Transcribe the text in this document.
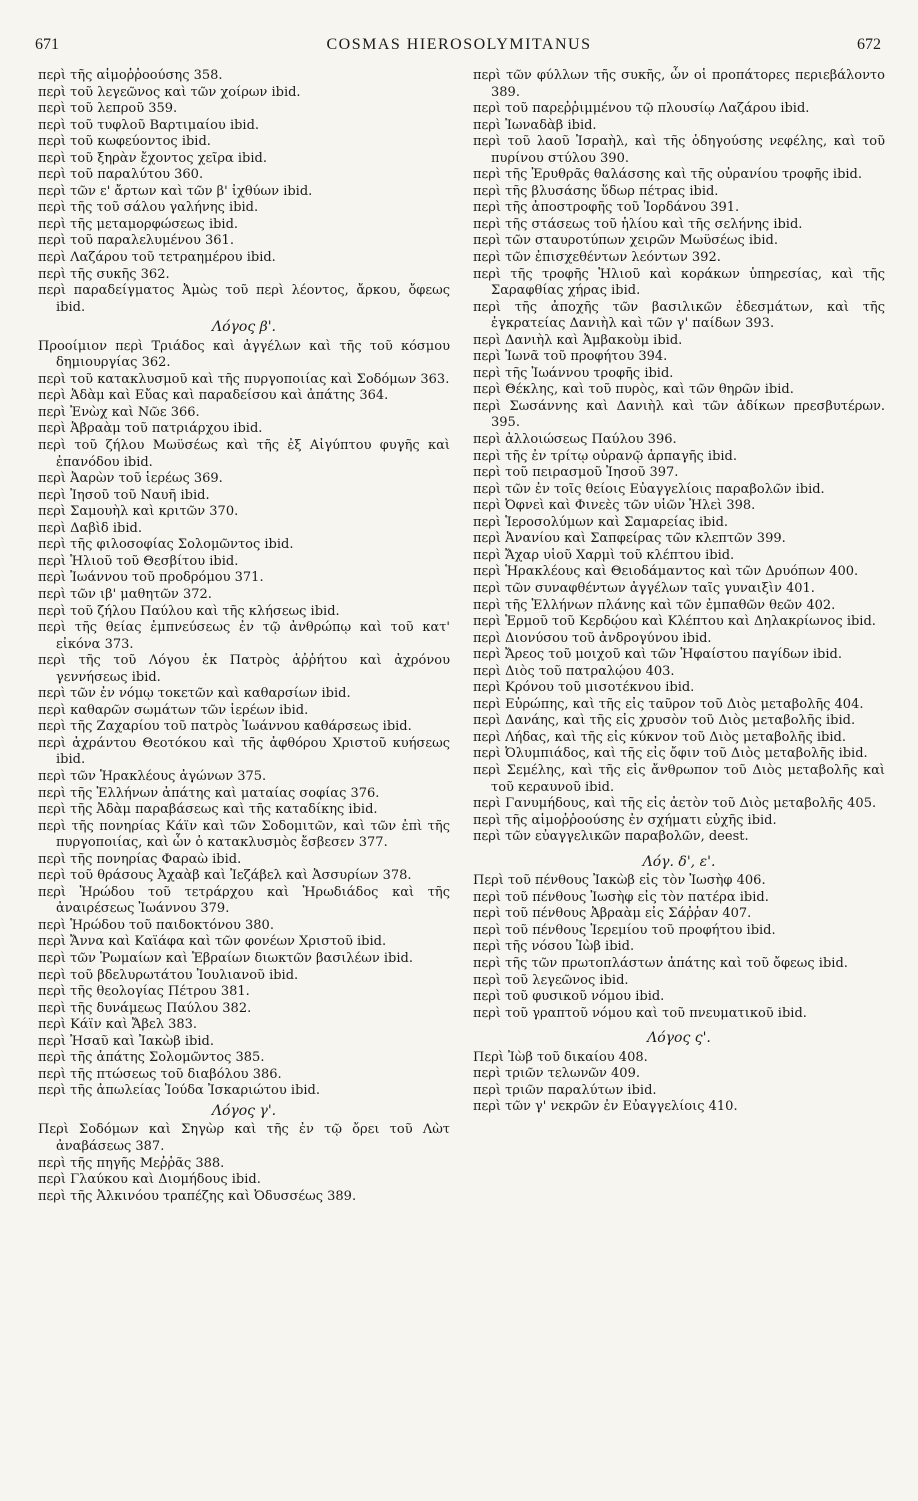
671	COSMAS HIEROSOLYMITANUS	672
περὶ τῆς αἱμοῤῥοούσης 358.
περὶ τοῦ λεγεῶνος καὶ τῶν χοίρων ibid.
περὶ τοῦ λεπροῦ 359.
περὶ τοῦ τυφλοῦ Βαρτιμαίου ibid.
περὶ τοῦ κωφεύοντος ibid.
περὶ τοῦ ξηρὰν ἔχοντος χεῖρα ibid.
περὶ τοῦ παραλύτου 360.
περὶ τῶν ε' ἄρτων καὶ τῶν β' ἰχθύων ibid.
περὶ τῆς τοῦ σάλου γαλήνης ibid.
περὶ τῆς μεταμορφώσεως ibid.
περὶ τοῦ παραλελυμένου 361.
περὶ Λαζάρου τοῦ τετραημέρου ibid.
περὶ τῆς συκῆς 362.
περὶ παραδείγματος Ἀμὼς τοῦ περὶ λέοντος, ἄρκου, ὄφεως ibid.
Λόγος β'.
Προοίμιον περὶ Τριάδος καὶ ἀγγέλων καὶ τῆς τοῦ κόσμου δημιουργίας 362.
περὶ τοῦ κατακλυσμοῦ καὶ τῆς πυργοποιίας καὶ Σοδόμων 363.
περὶ Ἀδὰμ καὶ Εὔας καὶ παραδείσου καὶ ἀπάτης 364.
περὶ Ἐνὼχ καὶ Νῶε 366.
περὶ Ἀβραὰμ τοῦ πατριάρχου ibid.
περὶ τοῦ ζήλου Μωϋσέως καὶ τῆς ἐξ Αἰγύπτου φυγῆς καὶ ἐπανόδου ibid.
περὶ Ἀαρὼν τοῦ ἱερέως 369.
περὶ Ἰησοῦ τοῦ Ναυῆ ibid.
περὶ Σαμουὴλ καὶ κριτῶν 370.
περὶ Δαβὶδ ibid.
περὶ τῆς φιλοσοφίας Σολομῶντος ibid.
περὶ Ἡλιοῦ τοῦ Θεσβίτου ibid.
περὶ Ἰωάννου τοῦ προδρόμου 371.
περὶ τῶν ιβ' μαθητῶν 372.
περὶ τοῦ ζήλου Παύλου καὶ τῆς κλήσεως ibid.
περὶ τῆς θείας ἐμπνεύσεως ἐν τῷ ἀνθρώπῳ καὶ τοῦ κατ' εἰκόνα 373.
περὶ τῆς τοῦ Λόγου ἐκ Πατρὸς ἀῤῥήτου καὶ ἀχρόνου γεννήσεως ibid.
περὶ τῶν ἐν νόμῳ τοκετῶν καὶ καθαρσίων ibid.
περὶ καθαρῶν σωμάτων τῶν ἱερέων ibid.
περὶ τῆς Ζαχαρίου τοῦ πατρὸς Ἰωάννου καθάρσεως ibid.
περὶ ἀχράντου Θεοτόκου καὶ τῆς ἀφθόρου Χριστοῦ κυήσεως ibid.
περὶ τῶν Ἡρακλέους ἀγώνων 375.
περὶ τῆς Ἑλλήνων ἀπάτης καὶ ματαίας σοφίας 376.
περὶ τῆς Ἀδὰμ παραβάσεως καὶ τῆς καταδίκης ibid.
περὶ τῆς πονηρίας Κάϊν καὶ τῶν Σοδομιτῶν, καὶ τῶν ἐπὶ τῆς πυργοποιίας, καὶ ὧν ὁ κατακλυσμὸς ἔσβεσεν 377.
περὶ τῆς πονηρίας Φαραὼ ibid.
περὶ τοῦ θράσους Ἀχαὰβ καὶ Ἰεζάβελ καὶ Ἀσσυρίων 378.
περὶ Ἡρώδου τοῦ τετράρχου καὶ Ἡρωδιάδος καὶ τῆς ἀναιρέσεως Ἰωάννου 379.
περὶ Ἡρώδου τοῦ παιδοκτόνου 380.
περὶ Ἄννα καὶ Καϊάφα καὶ τῶν φονέων Χριστοῦ ibid.
περὶ τῶν Ῥωμαίων καὶ Ἑβραίων διωκτῶν βασιλέων ibid.
περὶ τοῦ βδελυρωτάτου Ἰουλιανοῦ ibid.
περὶ τῆς θεολογίας Πέτρου 381.
περὶ τῆς δυνάμεως Παύλου 382.
περὶ Κάϊν καὶ Ἄβελ 383.
περὶ Ἠσαῦ καὶ Ἰακὼβ ibid.
περὶ τῆς ἀπάτης Σολομῶντος 385.
περὶ τῆς πτώσεως τοῦ διαβόλου 386.
περὶ τῆς ἀπωλείας Ἰούδα Ἰσκαριώτου ibid.
Λόγος γ'.
Περὶ Σοδόμων καὶ Σηγὼρ καὶ τῆς ἐν τῷ ὄρει τοῦ Λὼτ ἀναβάσεως 387.
περὶ τῆς πηγῆς Μεῤῥᾶς 388.
περὶ Γλαύκου καὶ Διομήδους ibid.
περὶ τῆς Ἀλκινόου τραπέζης καὶ Ὀδυσσέως 389.
περὶ τῶν φύλλων τῆς συκῆς, ὧν οἱ προπάτορες περιεβάλοντο 389.
περὶ τοῦ παρεῤῥιμμένου τῷ πλουσίῳ Λαζάρου ibid.
περὶ Ἰωναδὰβ ibid.
περὶ τοῦ λαοῦ Ἰσραὴλ, καὶ τῆς ὁδηγούσης νεφέλης, καὶ τοῦ πυρίνου στύλου 390.
περὶ τῆς Ἐρυθρᾶς θαλάσσης καὶ τῆς οὐρανίου τροφῆς ibid.
περὶ τῆς βλυσάσης ὕδωρ πέτρας ibid.
περὶ τῆς ἀποστροφῆς τοῦ Ἰορδάνου 391.
περὶ τῆς στάσεως τοῦ ἡλίου καὶ τῆς σελήνης ibid.
περὶ τῶν σταυροτύπων χειρῶν Μωϋσέως ibid.
περὶ τῶν ἐπισχεθέντων λεόντων 392.
περὶ τῆς τροφῆς Ἡλιοῦ καὶ κοράκων ὑπηρεσίας, καὶ τῆς Σαραφθίας χήρας ibid.
περὶ τῆς ἀποχῆς τῶν βασιλικῶν ἐδεσμάτων, καὶ τῆς ἐγκρατείας Δανιὴλ καὶ τῶν γ' παίδων 393.
περὶ Δανιὴλ καὶ Ἀμβακοὺμ ibid.
περὶ Ἰωνᾶ τοῦ προφήτου 394.
περὶ τῆς Ἰωάννου τροφῆς ibid.
περὶ Θέκλης, καὶ τοῦ πυρὸς, καὶ τῶν θηρῶν ibid.
περὶ Σωσάννης καὶ Δανιὴλ καὶ τῶν ἀδίκων πρεσβυτέρων. 395.
περὶ ἀλλοιώσεως Παύλου 396.
περὶ τῆς ἐν τρίτῳ οὐρανῷ ἁρπαγῆς ibid.
περὶ τοῦ πειρασμοῦ Ἰησοῦ 397.
περὶ τῶν ἐν τοῖς θείοις Εὐαγγελίοις παραβολῶν ibid.
περὶ Ὀφνεὶ καὶ Φινεὲς τῶν υἱῶν Ἠλεὶ 398.
περὶ Ἱεροσολύμων καὶ Σαμαρείας ibid.
περὶ Ἀνανίου καὶ Σαπφείρας τῶν κλεπτῶν 399.
περὶ Ἄχαρ υἱοῦ Χαρμὶ τοῦ κλέπτου ibid.
περὶ Ἡρακλέους καὶ Θειοδάμαντος καὶ τῶν Δρυόπων 400.
περὶ τῶν συναφθέντων ἀγγέλων ταῖς γυναιξὶν 401.
περὶ τῆς Ἑλλήνων πλάνης καὶ τῶν ἐμπαθῶν θεῶν 402.
περὶ Ἑρμοῦ τοῦ Κερδῴου καὶ Κλέπτου καὶ Δηλακρίωνος ibid.
περὶ Διονύσου τοῦ ἀνδρογύνου ibid.
περὶ Ἄρεος τοῦ μοιχοῦ καὶ τῶν Ἡφαίστου παγίδων ibid.
περὶ Διὸς τοῦ πατραλῴου 403.
περὶ Κρόνου τοῦ μισοτέκνου ibid.
περὶ Εὐρώπης, καὶ τῆς εἰς ταῦρον τοῦ Διὸς μεταβολῆς 404.
περὶ Δανάης, καὶ τῆς εἰς χρυσὸν τοῦ Διὸς μεταβολῆς ibid.
περὶ Λήδας, καὶ τῆς εἰς κύκνον τοῦ Διὸς μεταβολῆς ibid.
περὶ Ὀλυμπιάδος, καὶ τῆς εἰς ὄφιν τοῦ Διὸς μεταβολῆς ibid.
περὶ Σεμέλης, καὶ τῆς εἰς ἄνθρωπον τοῦ Διὸς μεταβολῆς καὶ τοῦ κεραυνοῦ ibid.
περὶ Γανυμήδους, καὶ τῆς εἰς ἀετὸν τοῦ Διὸς μεταβολῆς 405.
περὶ τῆς αἱμοῤῥοούσης ἐν σχήματι εὐχῆς ibid.
περὶ τῶν εὐαγγελικῶν παραβολῶν, deest.
Λόγ. δ', ε'.
Περὶ τοῦ πένθους Ἰακὼβ εἰς τὸν Ἰωσὴφ 406.
περὶ τοῦ πένθους Ἰωσὴφ εἰς τὸν πατέρα ibid.
περὶ τοῦ πένθους Ἀβραὰμ εἰς Σάῤῥαν 407.
περὶ τοῦ πένθους Ἱερεμίου τοῦ προφήτου ibid.
περὶ τῆς νόσου Ἰὼβ ibid.
περὶ τῆς τῶν πρωτοπλάστων ἀπάτης καὶ τοῦ ὄφεως ibid.
περὶ τοῦ λεγεῶνος ibid.
περὶ τοῦ φυσικοῦ νόμου ibid.
περὶ τοῦ γραπτοῦ νόμου καὶ τοῦ πνευματικοῦ ibid.
Λόγος ς'.
Περὶ Ἰὼβ τοῦ δικαίου 408.
περὶ τριῶν τελωνῶν 409.
περὶ τριῶν παραλύτων ibid.
περὶ τῶν γ' νεκρῶν ἐν Εὐαγγελίοις 410.
